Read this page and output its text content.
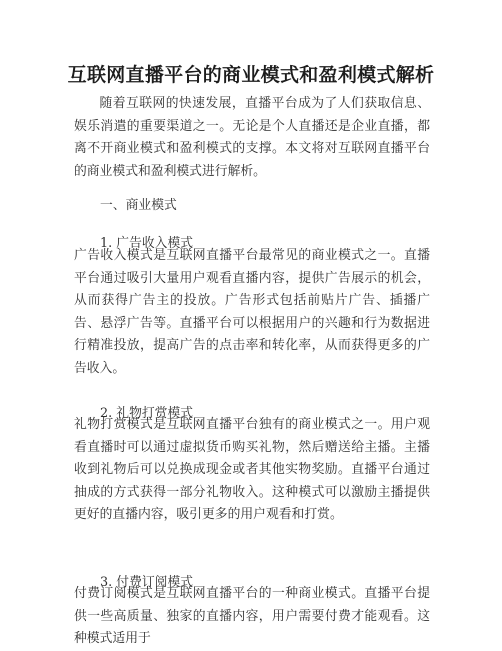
互联网直播平台的商业模式和盈利模式解析

随着互联网的快速发展，直播平台成为了人们获取信息、娱乐消遣的重要渠道之一。无论是个人直播还是企业直播，都离不开商业模式和盈利模式的支撑。本文将对互联网直播平台的商业模式和盈利模式进行解析。

一、商业模式
1. 广告收入模式

广告收入模式是互联网直播平台最常见的商业模式之一。直播平台通过吸引大量用户观看直播内容，提供广告展示的机会，从而获得广告主的投放。广告形式包括前贴片广告、插播广告、悬浮广告等。直播平台可以根据用户的兴趣和行为数据进行精准投放，提高广告的点击率和转化率，从而获得更多的广告收入。

2. 礼物打赏模式

礼物打赏模式是互联网直播平台独有的商业模式之一。用户观看直播时可以通过虚拟货币购买礼物，然后赠送给主播。主播收到礼物后可以兑换成现金或者其他实物奖励。直播平台通过抽成的方式获得一部分礼物收入。这种模式可以激励主播提供更好的直播内容，吸引更多的用户观看和打赏。

3. 付费订阅模式

付费订阅模式是互联网直播平台的一种商业模式。直播平台提供一些高质量、独家的直播内容，用户需要付费才能观看。这种模式适用于
